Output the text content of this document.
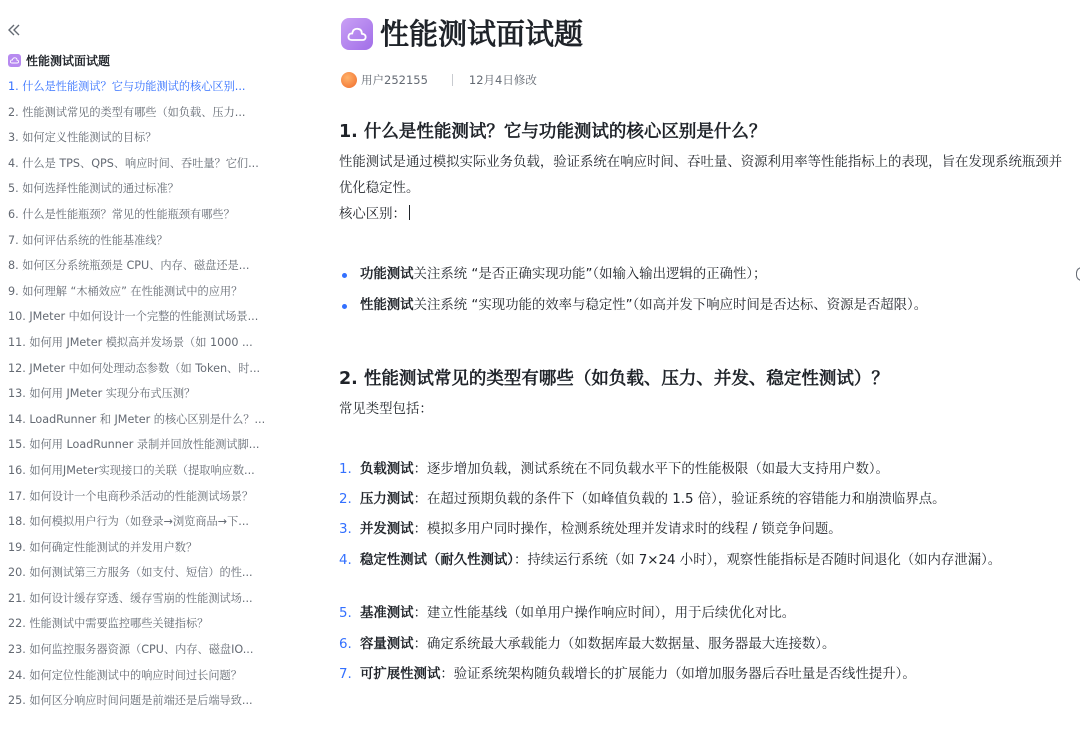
性能测试面试题
1. 什么是性能测试？它与功能测试的核心区别...
2. 性能测试常见的类型有哪些（如负载、压力...
3. 如何定义性能测试的目标？
4. 什么是 TPS、QPS、响应时间、吞吐量？它们...
5. 如何选择性能测试的通过标准？
6. 什么是性能瓶颈？常见的性能瓶颈有哪些？
7. 如何评估系统的性能基准线？
8. 如何区分系统瓶颈是 CPU、内存、磁盘还是...
9. 如何理解 “木桶效应” 在性能测试中的应用？
10. JMeter 中如何设计一个完整的性能测试场景...
11. 如何用 JMeter 模拟高并发场景（如 1000 ...
12. JMeter 中如何处理动态参数（如 Token、时...
13. 如何用 JMeter 实现分布式压测？
14. LoadRunner 和 JMeter 的核心区别是什么？...
15. 如何用 LoadRunner 录制并回放性能测试脚...
16. 如何用JMeter实现接口的关联（提取响应数...
17. 如何设计一个电商秒杀活动的性能测试场景？
18. 如何模拟用户行为（如登录→浏览商品→下...
19. 如何确定性能测试的并发用户数？
20. 如何测试第三方服务（如支付、短信）的性...
21. 如何设计缓存穿透、缓存雪崩的性能测试场...
22. 性能测试中需要监控哪些关键指标？
23. 如何监控服务器资源（CPU、内存、磁盘IO...
24. 如何定位性能测试中的响应时间过长问题？
25. 如何区分响应时间问题是前端还是后端导致...
性能测试面试题
用户252155	12月4日修改
1. 什么是性能测试？它与功能测试的核心区别是什么？
性能测试是通过模拟实际业务负载，验证系统在响应时间、吞吐量、资源利用率等性能指标上的表现，旨在发现系统瓶颈并优化稳定性。
核心区别：
功能测试关注系统 “是否正确实现功能”（如输入输出逻辑的正确性）；
性能测试关注系统 “实现功能的效率与稳定性”（如高并发下响应时间是否达标、资源是否超限）。
2. 性能测试常见的类型有哪些（如负载、压力、并发、稳定性测试）？
常见类型包括：
1. 负载测试：逐步增加负载，测试系统在不同负载水平下的性能极限（如最大支持用户数）。
2. 压力测试：在超过预期负载的条件下（如峰值负载的 1.5 倍），验证系统的容错能力和崩溃临界点。
3. 并发测试：模拟多用户同时操作，检测系统处理并发请求时的线程 / 锁竞争问题。
4. 稳定性测试（耐久性测试）：持续运行系统（如 7×24 小时），观察性能指标是否随时间退化（如内存泄漏）。
5. 基准测试：建立性能基线（如单用户操作响应时间），用于后续优化对比。
6. 容量测试：确定系统最大承载能力（如数据库最大数据量、服务器最大连接数）。
7. 可扩展性测试：验证系统架构随负载增长的扩展能力（如增加服务器后吞吐量是否线性提升）。
